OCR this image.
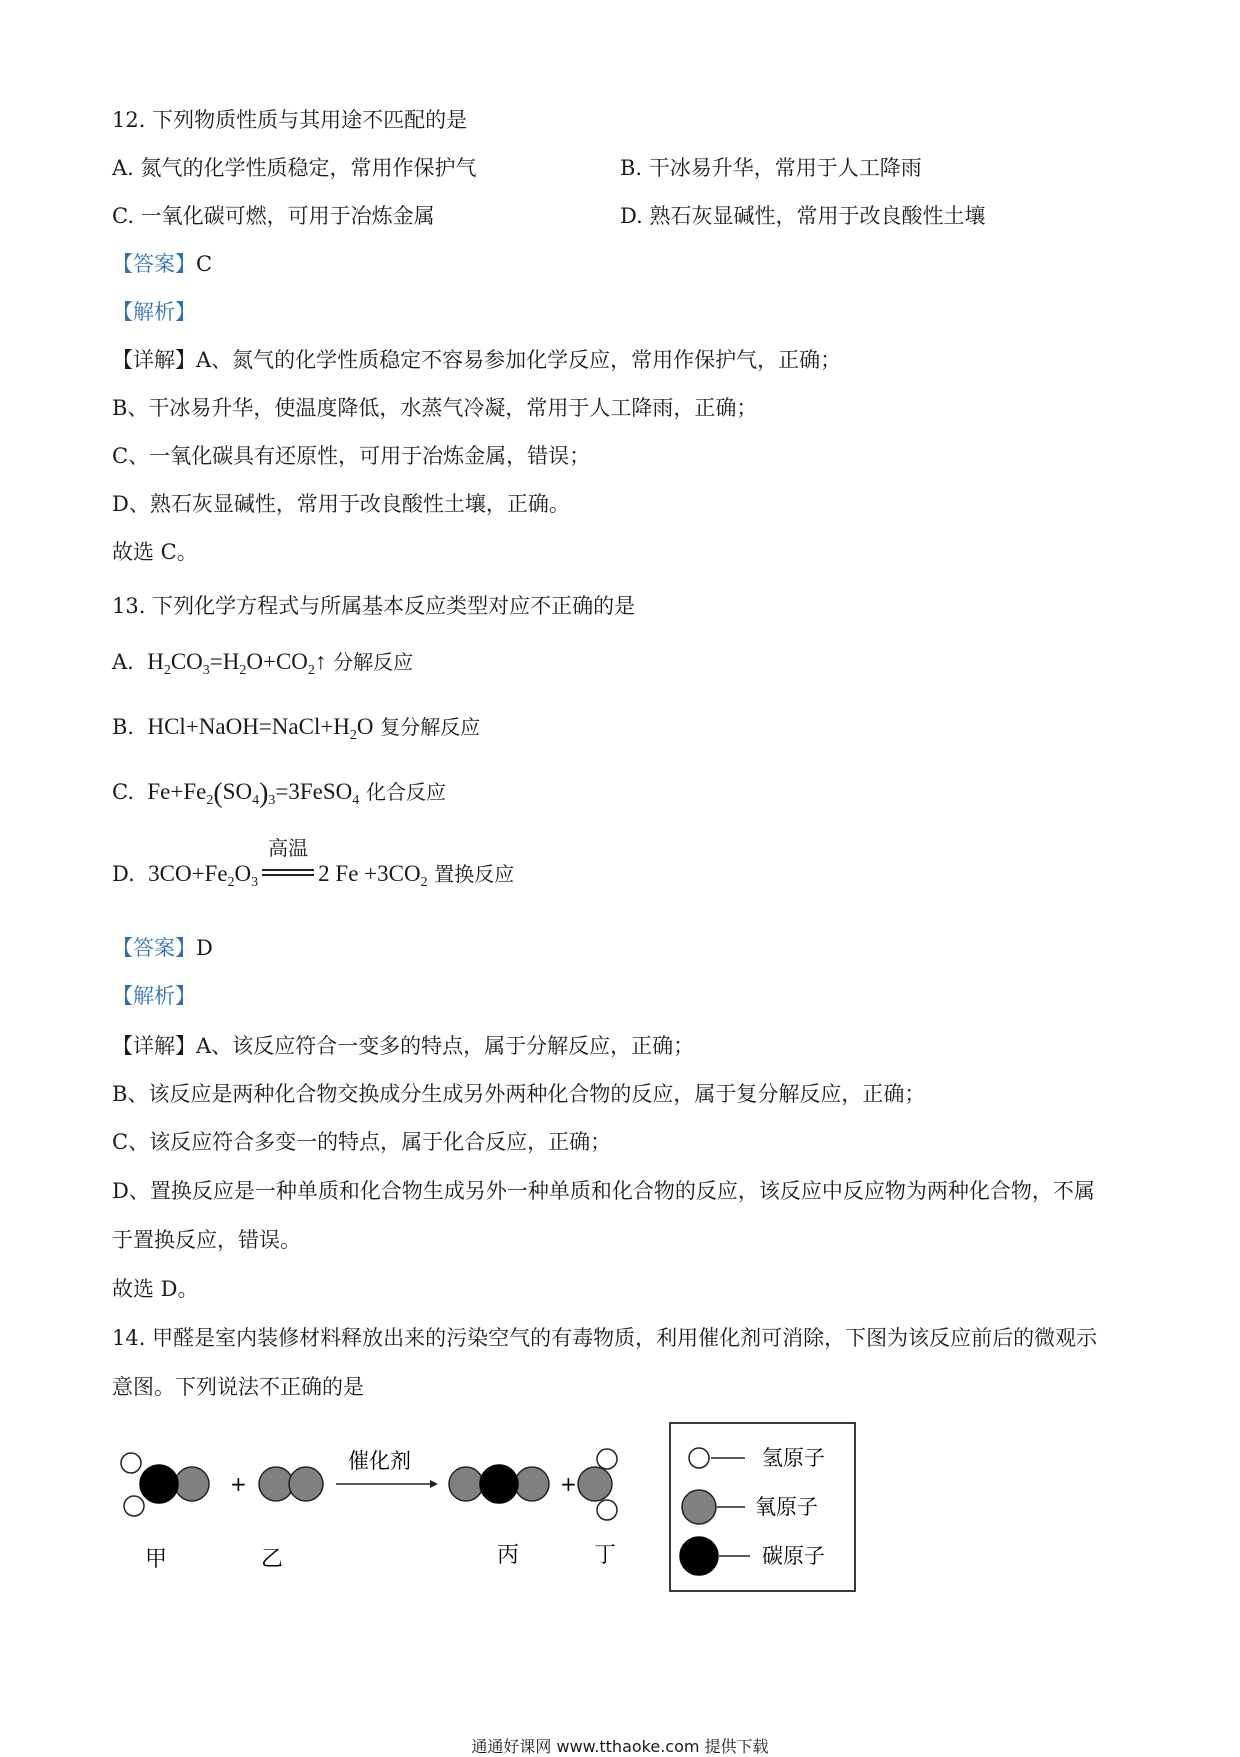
12. 下列物质性质与其用途不匹配的是
A. 氮气的化学性质稳定，常用作保护气	B. 干冰易升华，常用于人工降雨
C. 一氧化碳可燃，可用于冶炼金属	D. 熟石灰显碱性，常用于改良酸性土壤
【答案】C
【解析】
【详解】A、氮气的化学性质稳定不容易参加化学反应，常用作保护气，正确；
B、干冰易升华，使温度降低，水蒸气冷凝，常用于人工降雨，正确；
C、一氧化碳具有还原性，可用于冶炼金属，错误；
D、熟石灰显碱性，常用于改良酸性土壤，正确。
故选 C。
13. 下列化学方程式与所属基本反应类型对应不正确的是
A. $H_2CO_3=H_2O+CO_2↑$ 分解反应
B. $HCl+NaOH=NaCl+H_2O$ 复分解反应
C. $Fe+Fe_2(SO_4)_3=3FeSO_4$ 化合反应
D. $3CO+Fe_2O_3$
高温
2 $Fe +3CO_2$ 置换反应
【答案】D
【解析】
【详解】A、该反应符合一变多的特点，属于分解反应，正确；
B、该反应是两种化合物交换成分生成另外两种化合物的反应，属于复分解反应，正确；
C、该反应符合多变一的特点，属于化合反应，正确；
D、置换反应是一种单质和化合物生成另外一种单质和化合物的反应，该反应中反应物为两种化合物，不属
于置换反应，错误。
故选 D。
14. 甲醛是室内装修材料释放出来的污染空气的有毒物质，利用催化剂可消除，下图为该反应前后的微观示
意图。下列说法不正确的是
+
催化剂
+
甲	乙	丙	丁
氢原子
氧原子
碳原子
通通好课网 www.tthaoke.com 提供下载
